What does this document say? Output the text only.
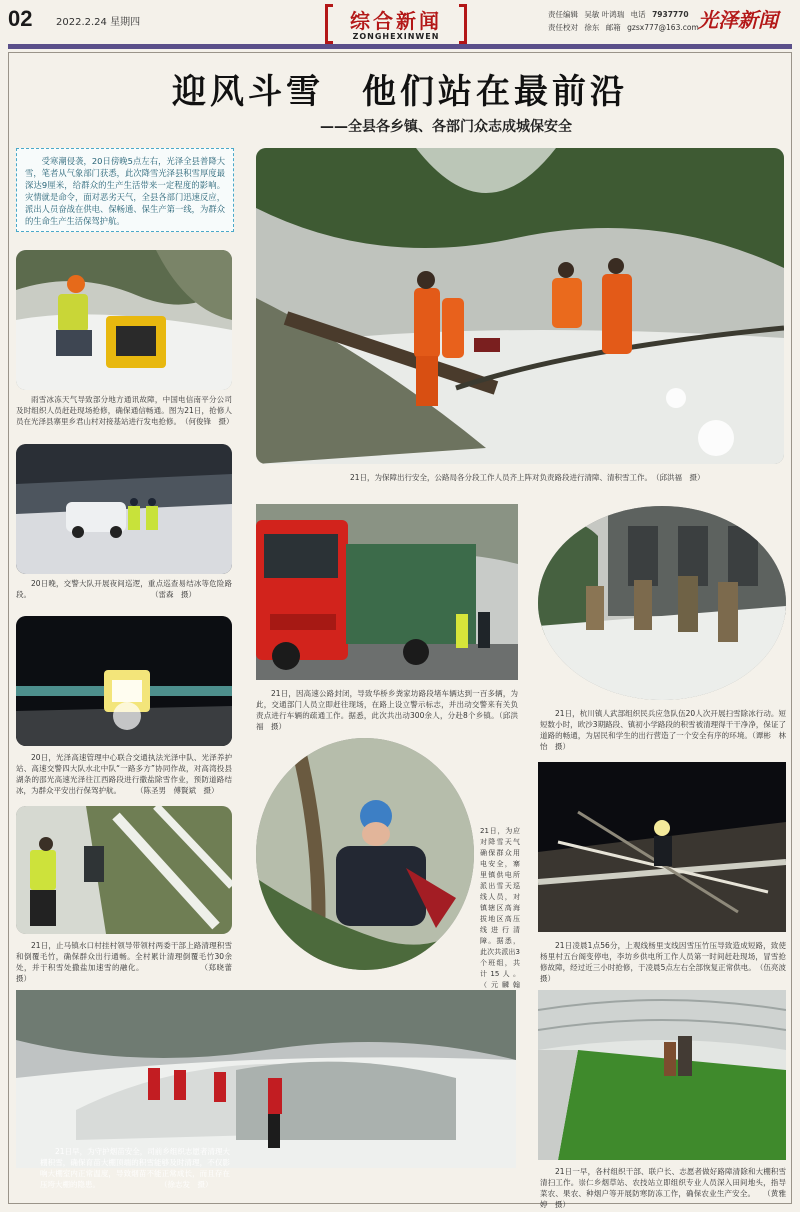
02 2022.2.24 星期四	综合新闻
ZONGHEXINWEN
责任编辑 吴敏 叶鸿瑞 电话 7937770
责任校对 徐东 邮箱 gzsx777@163.com 光泽新闻
迎风斗雪　他们站在最前沿
——全县各乡镇、各部门众志成城保安全
受寒潮侵袭，20日傍晚5点左右，光泽全县普降大雪，笔者从气象部门获悉，此次降雪光泽县积雪厚度最深达9厘米，给群众的生产生活带来一定程度的影响。灾情就是命令，面对恶劣天气，全县各部门迅速反应，派出人员奋战在供电、保畅通、保生产第一线，为群众的生命生产生活保驾护航。
雨雪冰冻天气导致部分地方通讯故障，中国电信南平分公司及时组织人员赶赴现场抢修，确保通信畅通。图为21日，抢修人员在光泽县寨里乡君山村对接基站进行发电抢修。　（何俊锋　摄）
20日晚，交警大队开展夜间巡逻，重点巡查易结冰等危险路段。　　　　　　　　　　　　　　　　　（雷森　摄）
20日，光泽高速管理中心联合交通执法光泽中队、光泽养护站、高速交警四大队水北中队“一路多方”协同作战，对高湾投县湖条的邵光高速光泽往江西路段进行撒盐除雪作业，预防道路结冰，为群众平安出行保驾护航。　　　（陈圣男　傅賢斌　摄）
21日，止马镇水口村挂村领导带领村两委干部上路清理积雪和倒覆毛竹，确保群众出行通畅。全村累计清理倒覆毛竹30余处，并于积雪处撒盐加速雪的融化。　　　　　　　　（郑晓蕾　摄）
21日，为保障出行安全，公路局各分段工作人员齐上阵对负责路段进行清障、清积雪工作。　（邱洪福　摄）
21日，因高速公路封闭，导致华桥乡粪家坊路段堵车辆达到一百多辆，为此，交通部门人员立即赶往现场，在路上设立警示标志，并出动交警来有关负责点进行车辆的疏通工作。据悉，此次共出动300余人，分赴8个乡镇。（邱洪福　摄）
21日，杭川镇人武部组织民兵应急队伍20人次开展扫雪除冰行动。短短数小时，欧沙3期路段、镇初小学路段的积雪被清理得干干净净，保证了道路的畅通，为居民和学生的出行营造了一个安全有序的环境。（谭彬　林怡　摄）
21日，为应对降雪天气确保群众用电安全，寨里镇供电所派出雪天巡线人员，对镇辖区高海拔地区高压线进行清障。据悉，此次共派出3个班组，共计15人。（元麟翰　
21日凌晨1点56分，上观线杨里支线因雪压竹压导致造成短路，致使杨里村五台阁变停电，李坊乡供电所工作人员第一时间赶赴现场，冒雪抢修故障，经过近三小时抢修，于凌晨5点左右全部恢复正常供电。　（伍亮波　摄）
21日早，为守护烟苗安全，司前乡组织志愿者清理大棚积雪，确保育苗大棚顶端的积雪能够及时清理，不仅影响大棚室内正常温度，导致烟苗不能正常成长，而且存在压垮大棚的隐患。　　　　　　　　　（徐志发　摄）
21日一早，各村组织干部、联户长、志愿者做好路障清除和大棚积雪清扫工作。崇仁乡烟草站、农技站立即组织专业人员深入田间地头，指导菜农、果农、种烟户等开展防寒防冻工作，确保农业生产安全。　　（黄雅婷　摄）
